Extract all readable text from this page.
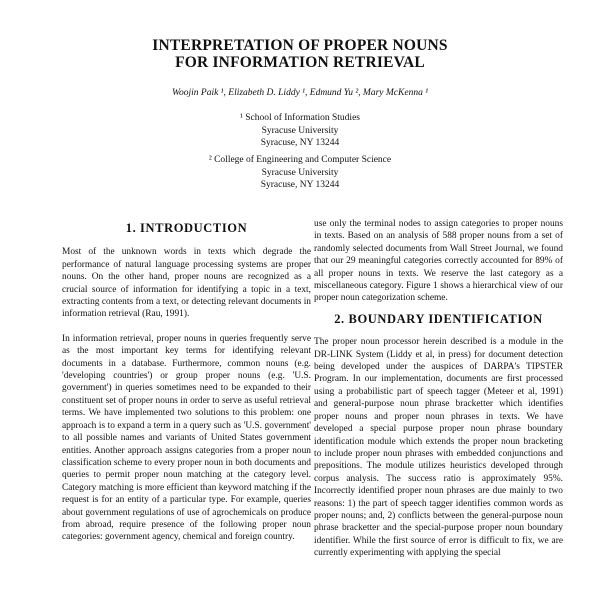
INTERPRETATION OF PROPER NOUNS
FOR INFORMATION RETRIEVAL
Woojin Paik ¹, Elizabeth D. Liddy ¹, Edmund Yu ², Mary McKenna ¹
¹ School of Information Studies
Syracuse University
Syracuse, NY 13244
² College of Engineering and Computer Science
Syracuse University
Syracuse, NY 13244
1. INTRODUCTION

Most of the unknown words in texts which degrade the performance of natural language processing systems are proper nouns. On the other hand, proper nouns are recognized as a crucial source of information for identifying a topic in a text, extracting contents from a text, or detecting relevant documents in information retrieval (Rau, 1991).

In information retrieval, proper nouns in queries frequently serve as the most important key terms for identifying relevant documents in a database. Furthermore, common nouns (e.g. 'developing countries') or group proper nouns (e.g. 'U.S. government') in queries sometimes need to be expanded to their constituent set of proper nouns in order to serve as useful retrieval terms. We have implemented two solutions to this problem: one approach is to expand a term in a query such as 'U.S. government' to all possible names and variants of United States government entities. Another approach assigns categories from a proper noun classification scheme to every proper noun in both documents and queries to permit proper noun matching at the category level. Category matching is more efficient than keyword matching if the request is for an entity of a particular type. For example, queries about government regulations of use of agrochemicals on produce from abroad, require presence of the following proper noun categories: government agency, chemical and foreign country.

use only the terminal nodes to assign categories to proper nouns in texts. Based on an analysis of 588 proper nouns from a set of randomly selected documents from Wall Street Journal, we found that our 29 meaningful categories correctly accounted for 89% of all proper nouns in texts. We reserve the last category as a miscellaneous category. Figure 1 shows a hierarchical view of our proper noun categorization scheme.

2. BOUNDARY IDENTIFICATION

The proper noun processor herein described is a module in the DR-LINK System (Liddy et al, in press) for document detection being developed under the auspices of DARPA's TIPSTER Program. In our implementation, documents are first processed using a probabilistic part of speech tagger (Meteer et al, 1991) and general-purpose noun phrase bracketter which identifies proper nouns and proper noun phrases in texts. We have developed a special purpose proper noun phrase boundary identification module which extends the proper noun bracketing to include proper noun phrases with embedded conjunctions and prepositions. The module utilizes heuristics developed through corpus analysis. The success ratio is approximately 95%. Incorrectly identified proper noun phrases are due mainly to two reasons: 1) the part of speech tagger identifies common words as proper nouns; and, 2) conflicts between the general-purpose noun phrase bracketter and the special-purpose proper noun boundary identifier. While the first source of error is difficult to fix, we are currently experimenting with applying the special
